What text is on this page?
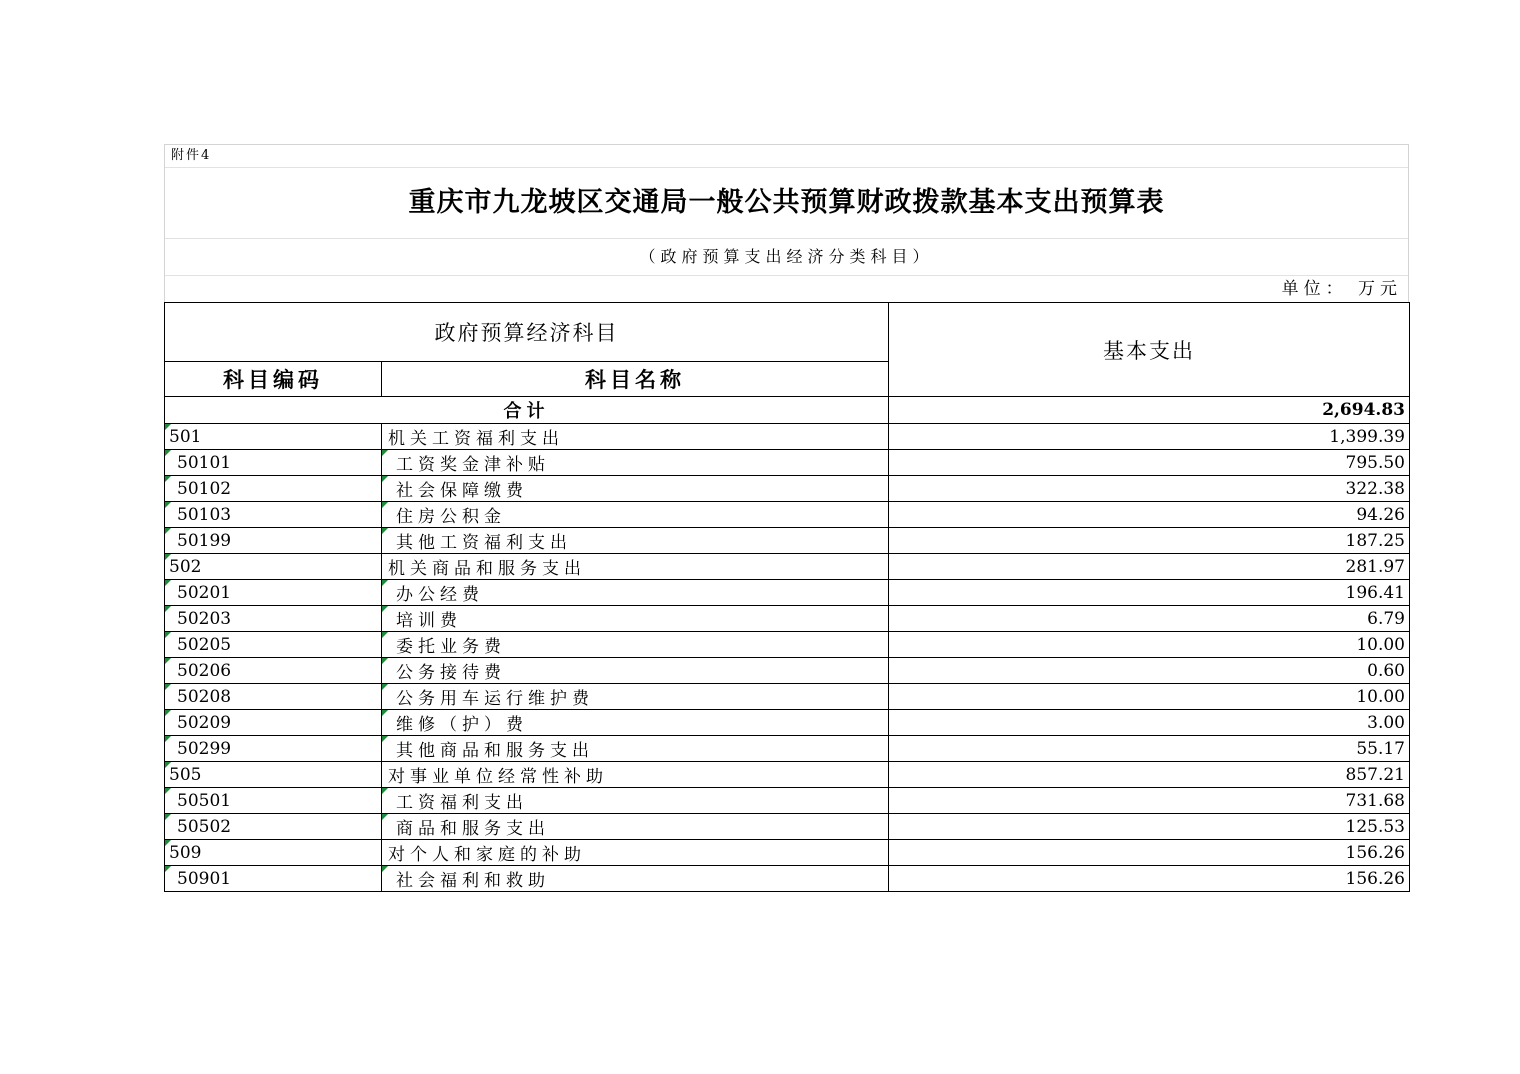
附件4
重庆市九龙坡区交通局一般公共预算财政拨款基本支出预算表
（政府预算支出经济分类科目）
单位： 万元
政府预算经济科目		基本支出
科目编码	科目名称	
合计		2,694.83
501	机关工资福利支出	1,399.39
50101	工资奖金津补贴	795.50
50102	社会保障缴费	322.38
50103	住房公积金	94.26
50199	其他工资福利支出	187.25
502	机关商品和服务支出	281.97
50201	办公经费	196.41
50203	培训费	6.79
50205	委托业务费	10.00
50206	公务接待费	0.60
50208	公务用车运行维护费	10.00
50209	维修（护）费	3.00
50299	其他商品和服务支出	55.17
505	对事业单位经常性补助	857.21
50501	工资福利支出	731.68
50502	商品和服务支出	125.53
509	对个人和家庭的补助	156.26
50901	社会福利和救助	156.26
